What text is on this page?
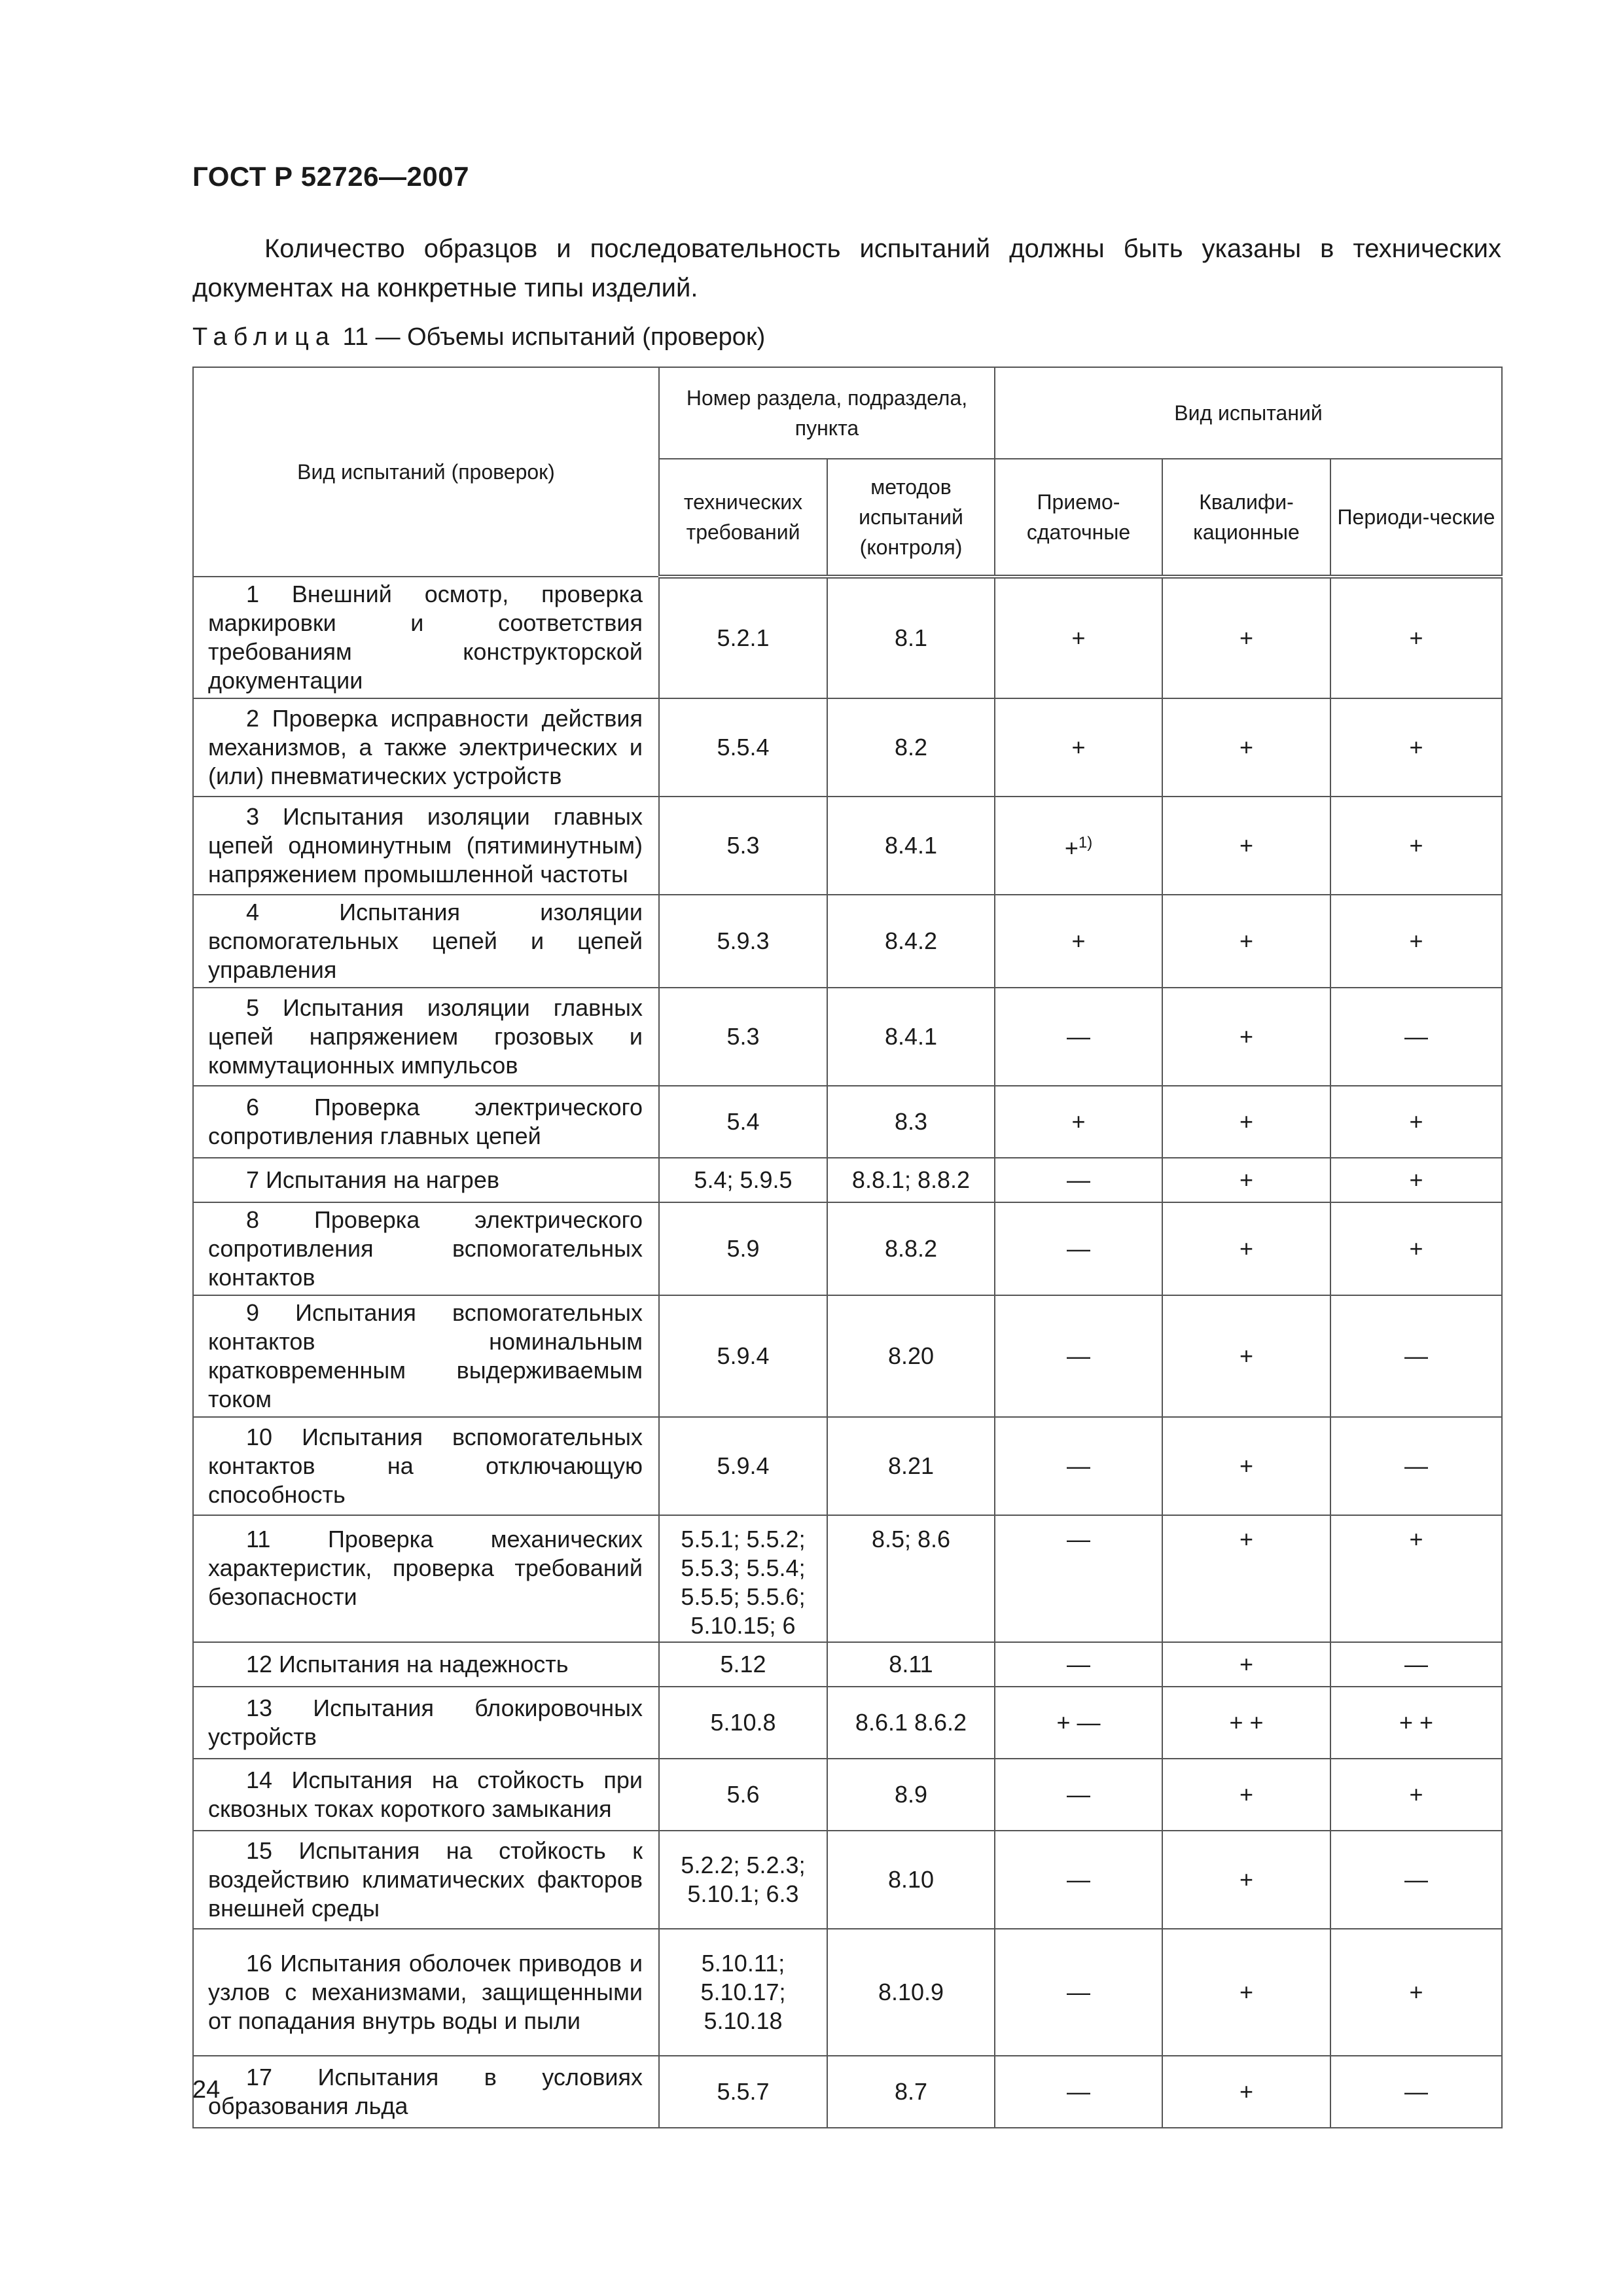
ГОСТ Р 52726—2007

Количество образцов и последовательность испытаний должны быть указаны в технических документах на конкретные типы изделий.

Таблица 11 — Объемы испытаний (проверок)
Вид испытаний (проверок)	Номер раздела, подраздела, пункта		Вид испытаний		
	технических требований	методов испытаний (контроля)	Приемо-сдаточные	Квалифи-кационные	Периоди-ческие
1 Внешний осмотр, проверка маркировки и соответствия требованиям конструкторской документации	5.2.1	8.1	+	+	+
2 Проверка исправности действия механизмов, а также электрических и (или) пневматических устройств	5.5.4	8.2	+	+	+
3 Испытания изоляции главных цепей одноминутным (пятиминутным) напряжением промышленной частоты	5.3	8.4.1	+$^{1)}$	+	+
4 Испытания изоляции вспомогательных цепей и цепей управления	5.9.3	8.4.2	+	+	+
5 Испытания изоляции главных цепей напряжением грозовых и коммутационных импульсов	5.3	8.4.1	—	+	—
6 Проверка электрического сопротивления главных цепей	5.4	8.3	+	+	+
7 Испытания на нагрев	5.4; 5.9.5	8.8.1; 8.8.2	—	+	+
8 Проверка электрического сопротивления вспомогательных контактов	5.9	8.8.2	—	+	+
9 Испытания вспомогательных контактов номинальным кратковременным выдерживаемым током	5.9.4	8.20	—	+	—
10 Испытания вспомогательных контактов на отключающую способность	5.9.4	8.21	—	+	—
11 Проверка механических характеристик, проверка требований безопасности	5.5.1; 5.5.2; 5.5.3; 5.5.4; 5.5.5; 5.5.6; 5.10.15; 6	8.5; 8.6	—	+	+
12 Испытания на надежность	5.12	8.11	—	+	—
13 Испытания блокировочных устройств	5.10.8	8.6.1 8.6.2	+ —	+ +	+ +
14 Испытания на стойкость при сквозных токах короткого замыкания	5.6	8.9	—	+	+
15 Испытания на стойкость к воздействию климатических факторов внешней среды	5.2.2; 5.2.3; 5.10.1; 6.3	8.10	—	+	—
16 Испытания оболочек приводов и узлов с механизмами, защищенными от попадания внутрь воды и пыли	5.10.11; 5.10.17; 5.10.18	8.10.9	—	+	+
17 Испытания в условиях образования льда	5.5.7	8.7	—	+	—
24
